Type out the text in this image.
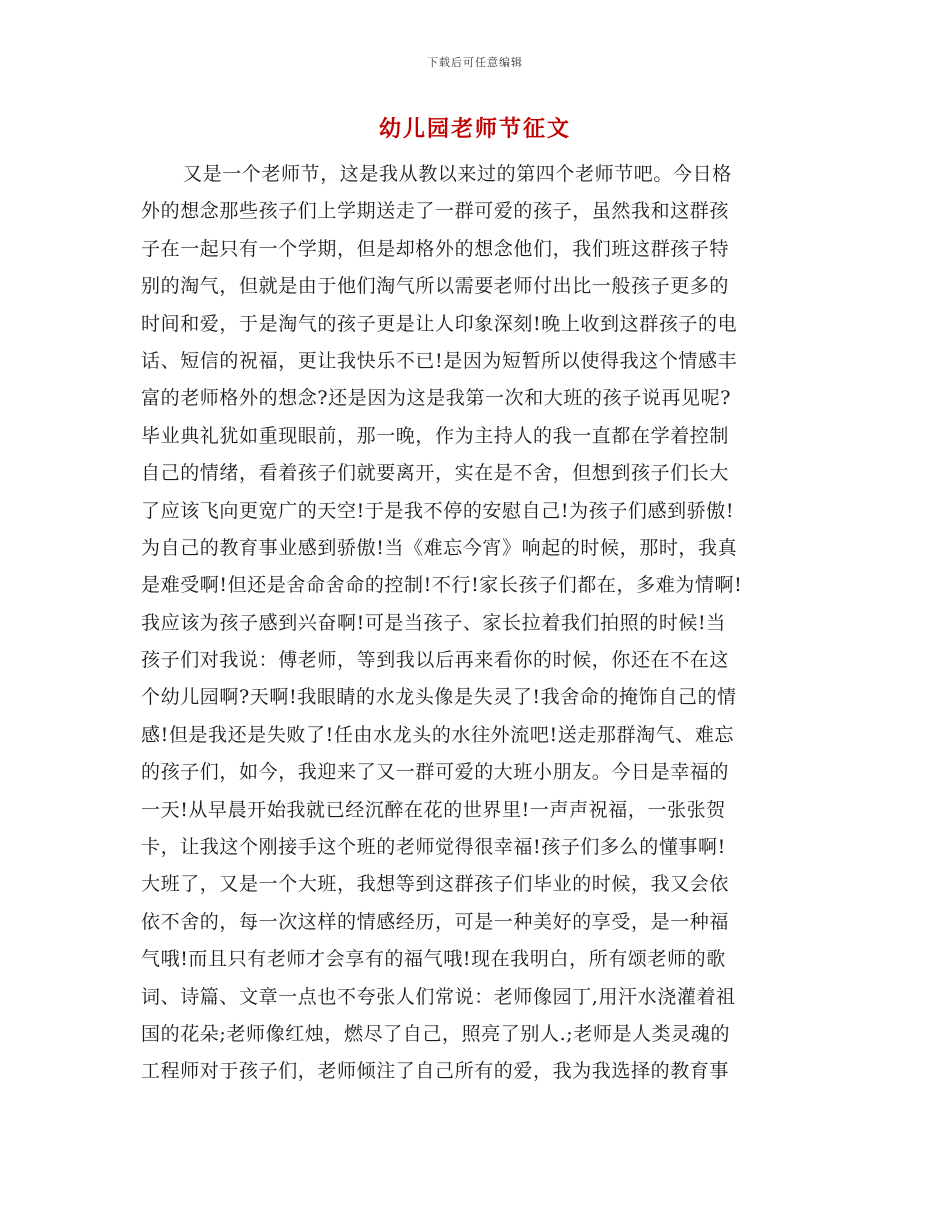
下载后可任意编辑
幼儿园老师节征文
又是一个老师节，这是我从教以来过的第四个老师节吧。今日格
外的想念那些孩子们上学期送走了一群可爱的孩子，虽然我和这群孩
子在一起只有一个学期，但是却格外的想念他们，我们班这群孩子特
别的淘气，但就是由于他们淘气所以需要老师付出比一般孩子更多的
时间和爱，于是淘气的孩子更是让人印象深刻!晚上收到这群孩子的电
话、短信的祝福，更让我快乐不已!是因为短暂所以使得我这个情感丰
富的老师格外的想念?还是因为这是我第一次和大班的孩子说再见呢?
毕业典礼犹如重现眼前，那一晚，作为主持人的我一直都在学着控制
自己的情绪，看着孩子们就要离开，实在是不舍，但想到孩子们长大
了应该飞向更宽广的天空!于是我不停的安慰自己!为孩子们感到骄傲!
为自己的教育事业感到骄傲!当《难忘今宵》响起的时候，那时，我真
是难受啊!但还是舍命舍命的控制!不行!家长孩子们都在，多难为情啊!
我应该为孩子感到兴奋啊!可是当孩子、家长拉着我们拍照的时候!当
孩子们对我说：傅老师，等到我以后再来看你的时候，你还在不在这
个幼儿园啊?天啊!我眼睛的水龙头像是失灵了!我舍命的掩饰自己的情
感!但是我还是失败了!任由水龙头的水往外流吧!送走那群淘气、难忘
的孩子们，如今，我迎来了又一群可爱的大班小朋友。今日是幸福的
一天!从早晨开始我就已经沉醉在花的世界里!一声声祝福，一张张贺
卡，让我这个刚接手这个班的老师觉得很幸福!孩子们多么的懂事啊!
大班了，又是一个大班，我想等到这群孩子们毕业的时候，我又会依
依不舍的，每一次这样的情感经历，可是一种美好的享受，是一种福
气哦!而且只有老师才会享有的福气哦!现在我明白，所有颂老师的歌
词、诗篇、文章一点也不夸张人们常说：老师像园丁,用汗水浇灌着祖
国的花朵;老师像红烛，燃尽了自己，照亮了别人.;老师是人类灵魂的
工程师对于孩子们，老师倾注了自己所有的爱，我为我选择的教育事
